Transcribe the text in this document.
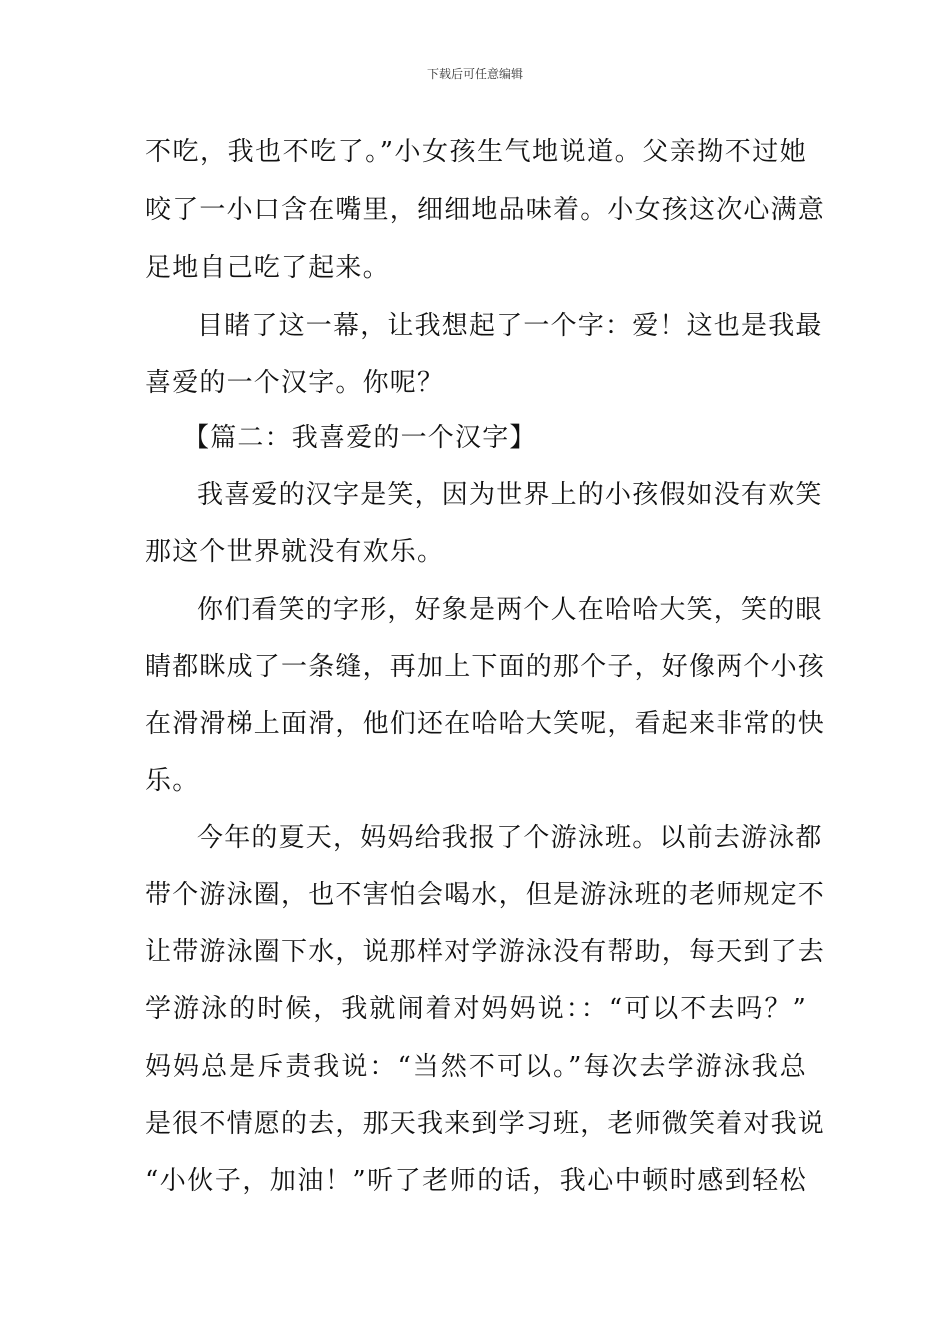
下载后可任意编辑
不吃，我也不吃了。”小女孩生气地说道。父亲拗不过她
咬了一小口含在嘴里，细细地品味着。小女孩这次心满意
足地自己吃了起来。
目睹了这一幕，让我想起了一个字：爱！这也是我最
喜爱的一个汉字。你呢？
【篇二：我喜爱的一个汉字】
我喜爱的汉字是笑，因为世界上的小孩假如没有欢笑
那这个世界就没有欢乐。
你们看笑的字形，好象是两个人在哈哈大笑，笑的眼
睛都眯成了一条缝，再加上下面的那个子，好像两个小孩
在滑滑梯上面滑，他们还在哈哈大笑呢，看起来非常的快
乐。
今年的夏天，妈妈给我报了个游泳班。以前去游泳都
带个游泳圈，也不害怕会喝水，但是游泳班的老师规定不
让带游泳圈下水，说那样对学游泳没有帮助，每天到了去
学游泳的时候，我就闹着对妈妈说：：“可以不去吗？”
妈妈总是斥责我说：“当然不可以。”每次去学游泳我总
是很不情愿的去，那天我来到学习班，老师微笑着对我说
“小伙子，加油！”听了老师的话，我心中顿时感到轻松
